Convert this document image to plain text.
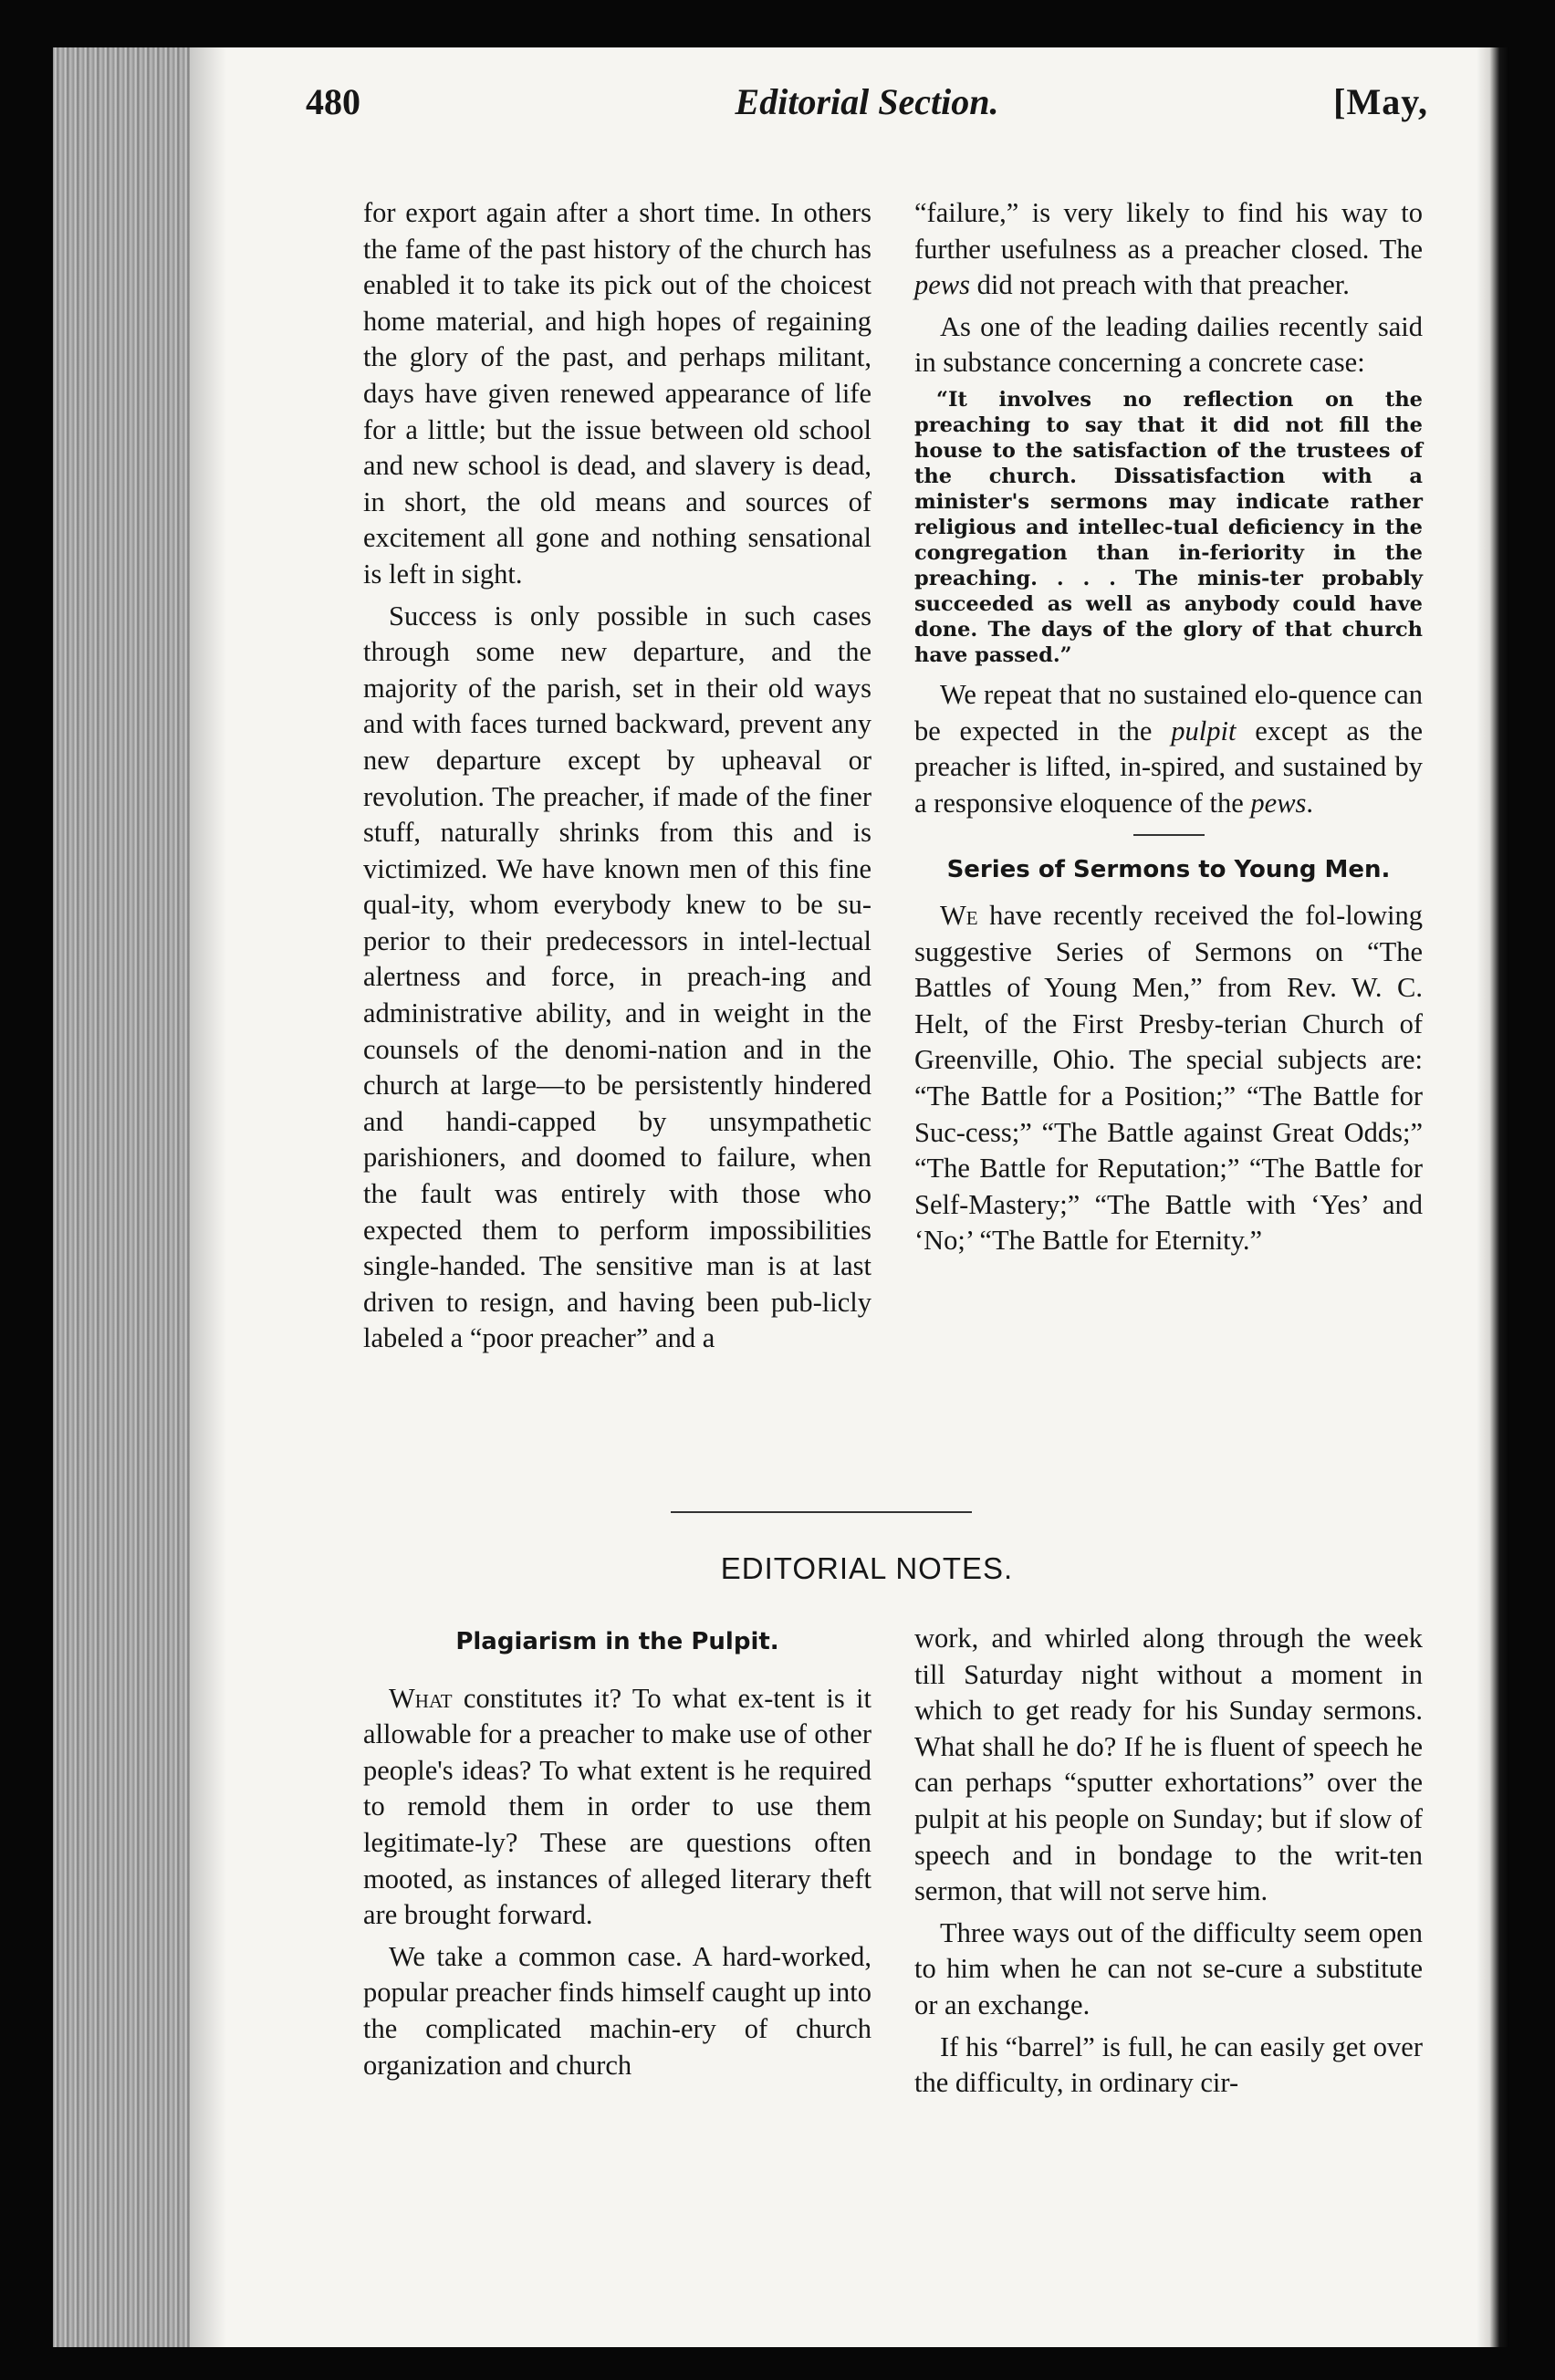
480	Editorial Section.	[May,

for export again after a short time. In others the fame of the past history of the church has enabled it to take its pick out of the choicest home material, and high hopes of regaining the glory of the past, and perhaps militant, days have given renewed appearance of life for a little; but the issue between old school and new school is dead, and slavery is dead, in short, the old means and sources of excitement all gone and nothing sensational is left in sight.

Success is only possible in such cases through some new departure, and the majority of the parish, set in their old ways and with faces turned backward, prevent any new departure except by upheaval or revolution. The preacher, if made of the finer stuff, naturally shrinks from this and is victimized. We have known men of this fine qual-ity, whom everybody knew to be su-perior to their predecessors in intel-lectual alertness and force, in preach-ing and administrative ability, and in weight in the counsels of the denomi-nation and in the church at large—to be persistently hindered and handi-capped by unsympathetic parishioners, and doomed to failure, when the fault was entirely with those who expected them to perform impossibilities single-handed. The sensitive man is at last driven to resign, and having been pub-licly labeled a “poor preacher” and a

“failure,” is very likely to find his way to further usefulness as a preacher closed. The pews did not preach with that preacher.

As one of the leading dailies recently said in substance concerning a concrete case:

“It involves no reflection on the preaching to say that it did not fill the house to the satisfaction of the trustees of the church. Dissatisfaction with a minister's sermons may indicate rather religious and intellec-tual deficiency in the congregation than in-feriority in the preaching. . . . The minis-ter probably succeeded as well as anybody could have done. The days of the glory of that church have passed.”

We repeat that no sustained elo-quence can be expected in the pulpit except as the preacher is lifted, in-spired, and sustained by a responsive eloquence of the pews.

Series of Sermons to Young Men.

We have recently received the fol-lowing suggestive Series of Sermons on “The Battles of Young Men,” from Rev. W. C. Helt, of the First Presby-terian Church of Greenville, Ohio. The special subjects are: “The Battle for a Position;” “The Battle for Suc-cess;” “The Battle against Great Odds;” “The Battle for Reputation;” “The Battle for Self-Mastery;” “The Battle with ‘Yes’ and ‘No;’ “The Battle for Eternity.”

EDITORIAL NOTES.
Plagiarism in the Pulpit.

What constitutes it? To what ex-tent is it allowable for a preacher to make use of other people's ideas? To what extent is he required to remold them in order to use them legitimate-ly? These are questions often mooted, as instances of alleged literary theft are brought forward.

We take a common case. A hard-worked, popular preacher finds himself caught up into the complicated machin-ery of church organization and church

work, and whirled along through the week till Saturday night without a moment in which to get ready for his Sunday sermons. What shall he do? If he is fluent of speech he can perhaps “sputter exhortations” over the pulpit at his people on Sunday; but if slow of speech and in bondage to the writ-ten sermon, that will not serve him.

Three ways out of the difficulty seem open to him when he can not se-cure a substitute or an exchange.

If his “barrel” is full, he can easily get over the difficulty, in ordinary cir-
